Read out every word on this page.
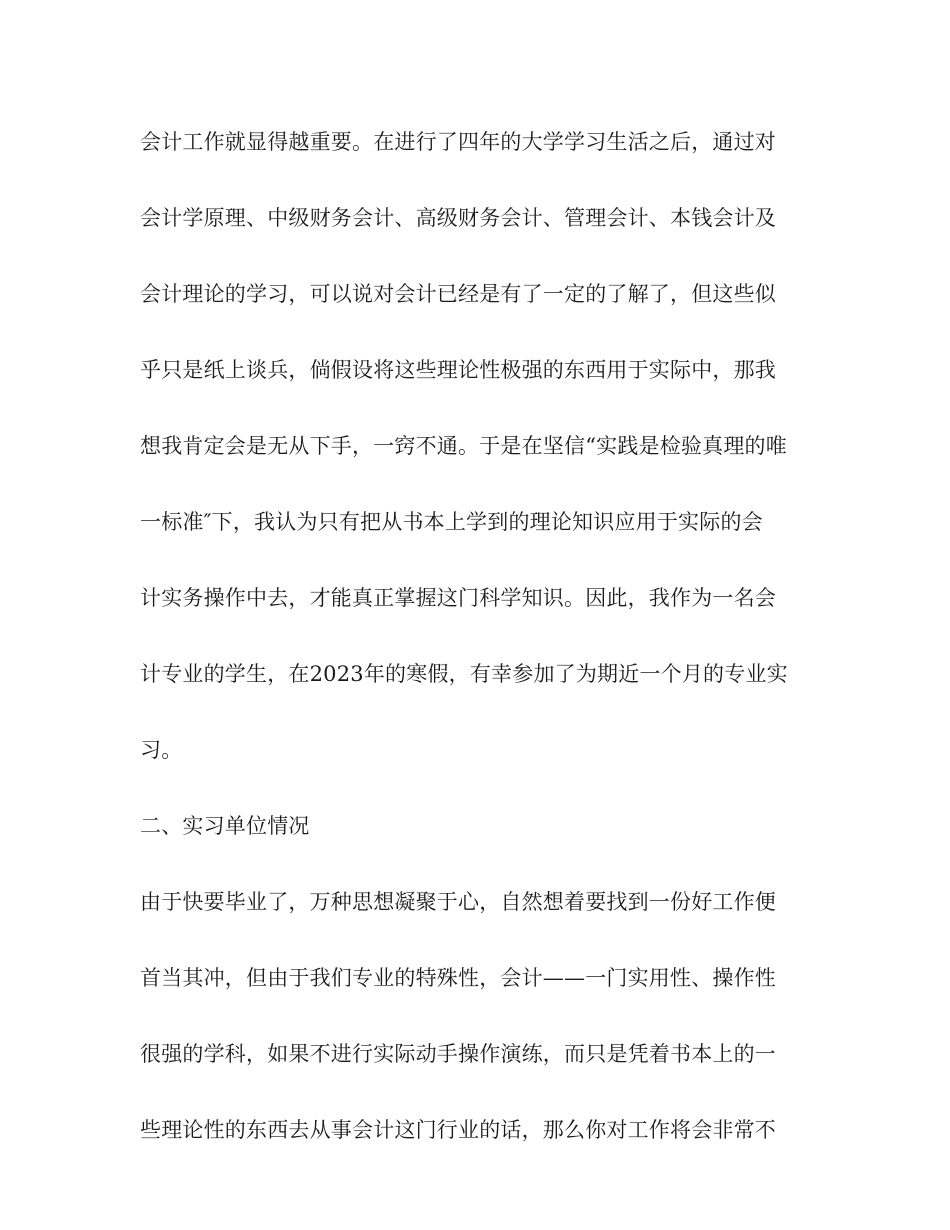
会计工作就显得越重要。在进行了四年的大学学习生活之后，通过对
会计学原理、中级财务会计、高级财务会计、管理会计、本钱会计及
会计理论的学习，可以说对会计已经是有了一定的了解了，但这些似
乎只是纸上谈兵，倘假设将这些理论性极强的东西用于实际中，那我
想我肯定会是无从下手，一窍不通。于是在坚信“实践是检验真理的唯
一标准″下，我认为只有把从书本上学到的理论知识应用于实际的会
计实务操作中去，才能真正掌握这门科学知识。因此，我作为一名会
计专业的学生，在2023年的寒假，有幸参加了为期近一个月的专业实
习。
二、实习单位情况
由于快要毕业了，万种思想凝聚于心，自然想着要找到一份好工作便
首当其冲，但由于我们专业的特殊性，会计——一门实用性、操作性
很强的学科，如果不进行实际动手操作演练，而只是凭着书本上的一
些理论性的东西去从事会计这门行业的话，那么你对工作将会非常不
